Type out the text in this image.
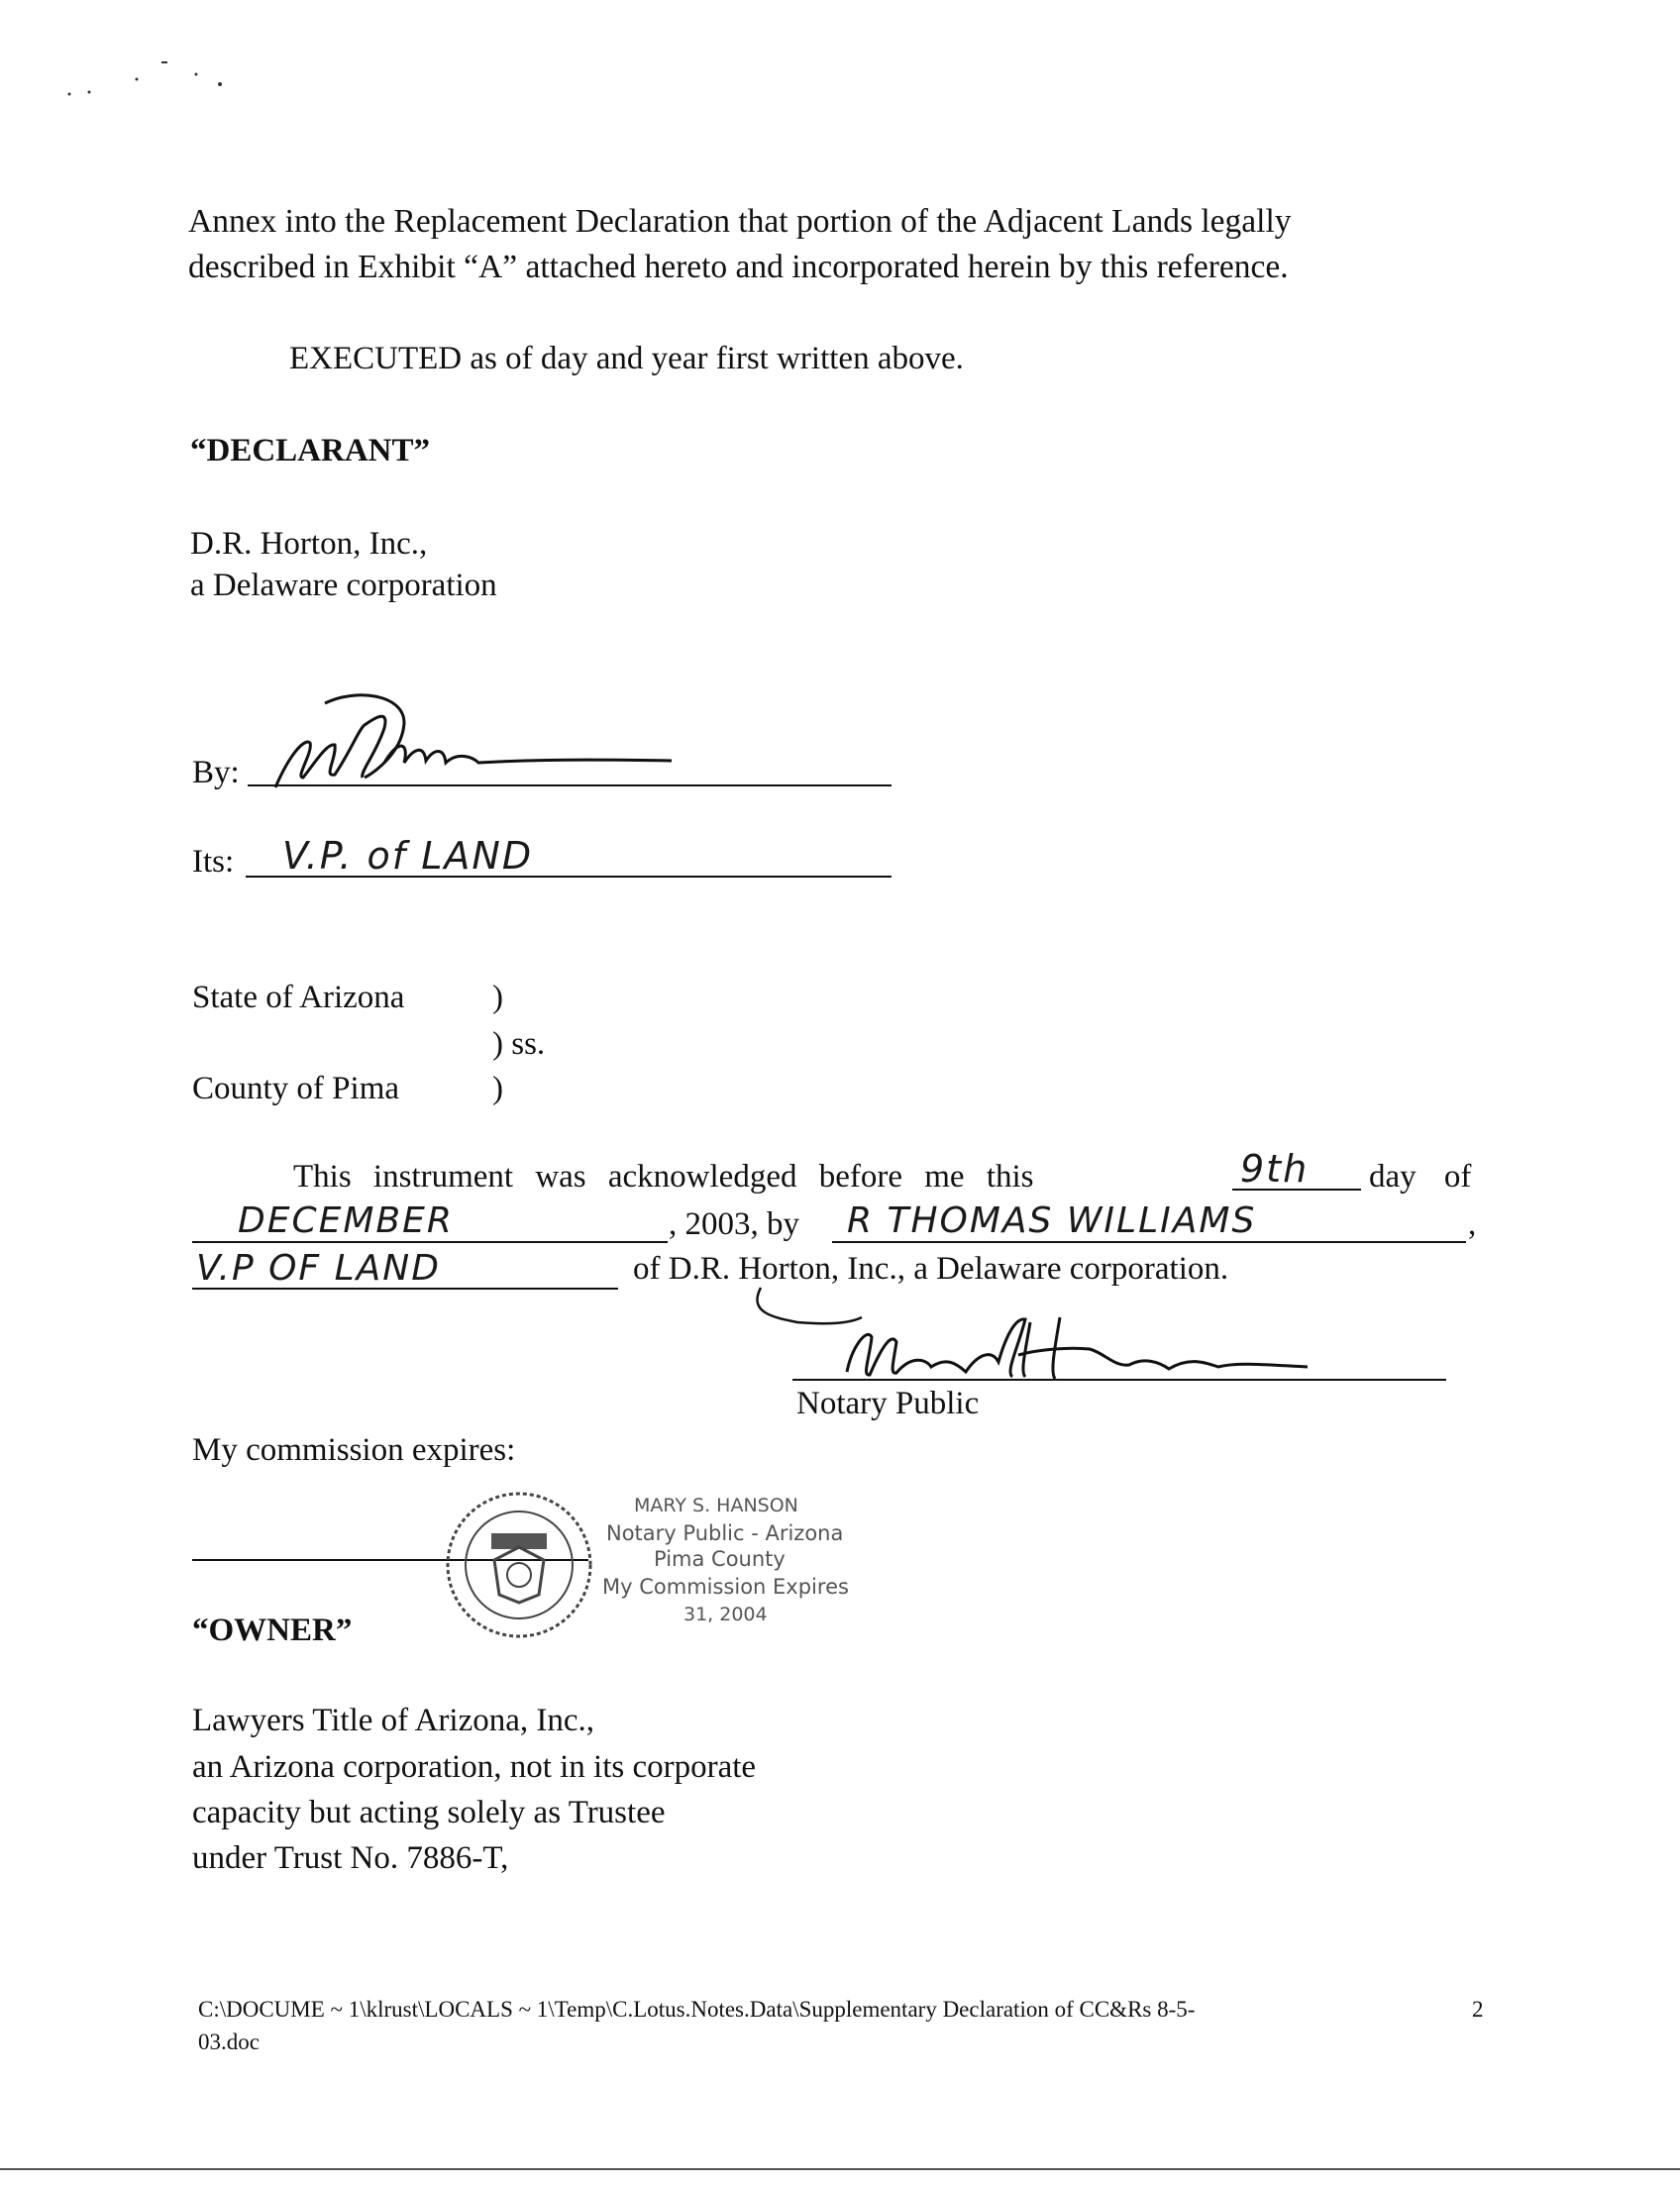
Annex into the Replacement Declaration that portion of the Adjacent Lands legally
described in Exhibit “A” attached hereto and incorporated herein by this reference.
EXECUTED as of day and year first written above.
“DECLARANT”
D.R. Horton, Inc.,
a Delaware corporation
By:
Its: V.P. of LAND
State of Arizona	)
) ss.
County of Pima	)
This instrument was acknowledged before me this	9th day of
DECEMBER	, 2003, by R THOMAS WILLIAMS	,
V.P OF LAND	of D.R. Horton, Inc., a Delaware corporation.
Notary Public
My commission expires:
MARY S. HANSON
Notary Public - Arizona
Pima County
My Commission Expires
31, 2004
“OWNER”
Lawyers Title of Arizona, Inc.,
an Arizona corporation, not in its corporate
capacity but acting solely as Trustee
under Trust No. 7886-T,
C:\DOCUME ~ 1\klrust\LOCALS ~ 1\Temp\C.Lotus.Notes.Data\Supplementary Declaration of CC&Rs 8-5-
03.doc
2
